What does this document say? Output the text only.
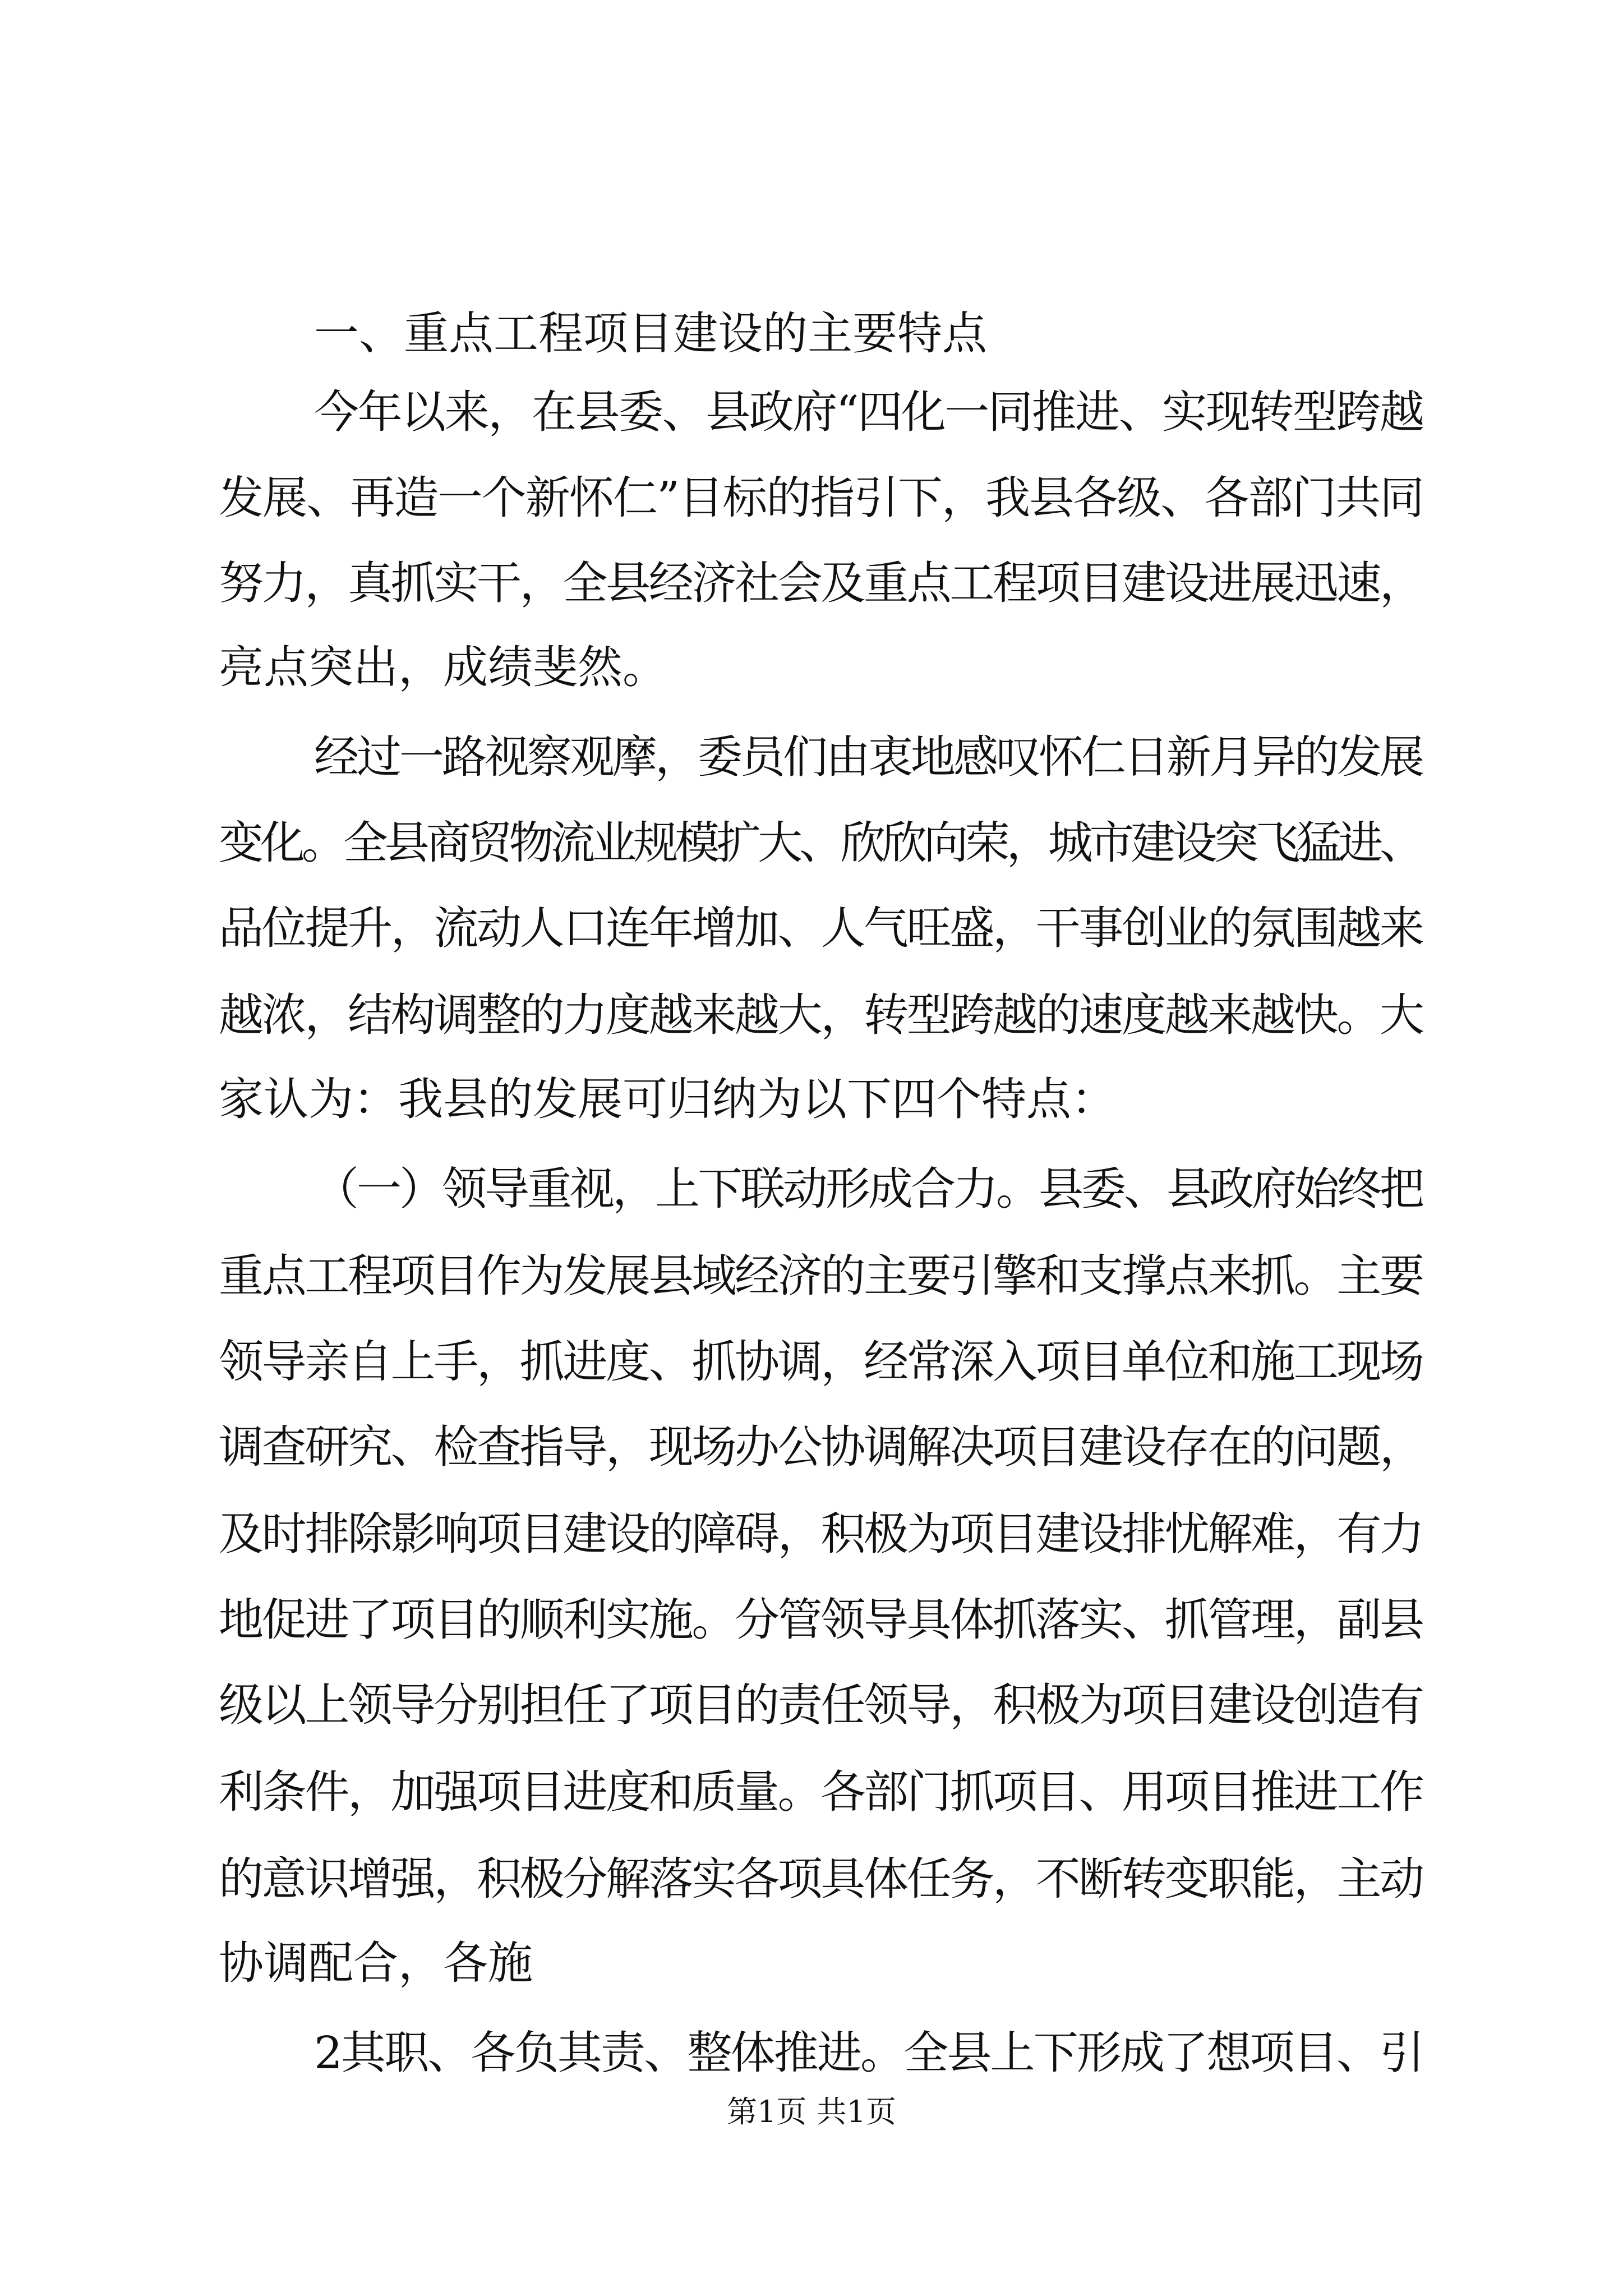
一、重点工程项目建设的主要特点
今年以来，在县委、县政府“四化一同推进、实现转型跨越
发展、再造一个新怀仁”目标的指引下，我县各级、各部门共同
努力，真抓实干，全县经济社会及重点工程项目建设进展迅速，
亮点突出，成绩斐然。
经过一路视察观摩，委员们由衷地感叹怀仁日新月异的发展
变化。全县商贸物流业规模扩大、欣欣向荣，城市建设突飞猛进、
品位提升，流动人口连年增加、人气旺盛，干事创业的氛围越来
越浓，结构调整的力度越来越大，转型跨越的速度越来越快。大
家认为：我县的发展可归纳为以下四个特点：
（一）领导重视，上下联动形成合力。县委、县政府始终把
重点工程项目作为发展县域经济的主要引擎和支撑点来抓。主要
领导亲自上手，抓进度、抓协调，经常深入项目单位和施工现场
调查研究、检查指导，现场办公协调解决项目建设存在的问题，
及时排除影响项目建设的障碍，积极为项目建设排忧解难，有力
地促进了项目的顺利实施。分管领导具体抓落实、抓管理，副县
级以上领导分别担任了项目的责任领导，积极为项目建设创造有
利条件，加强项目进度和质量。各部门抓项目、用项目推进工作
的意识增强，积极分解落实各项具体任务，不断转变职能，主动
协调配合，各施
2其职、各负其责、整体推进。全县上下形成了想项目、引
第1页 共1页
